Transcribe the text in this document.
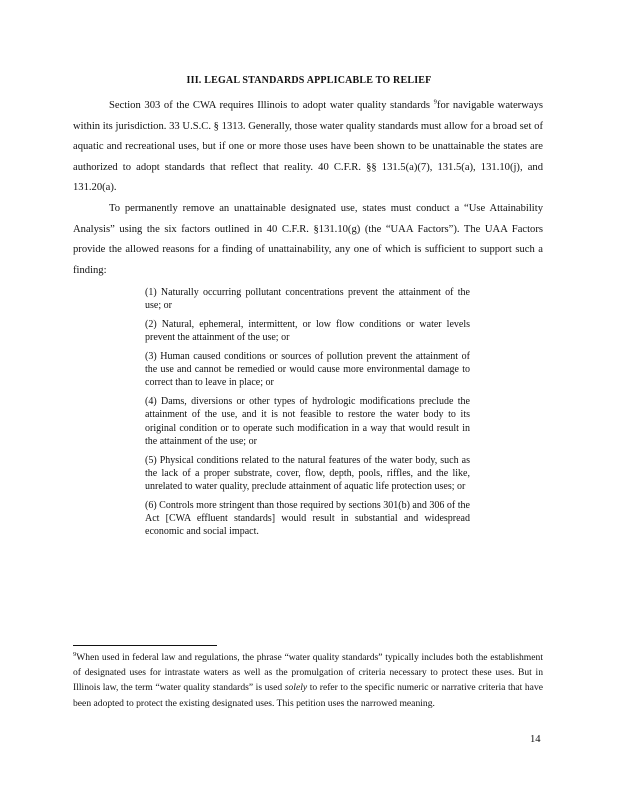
III. LEGAL STANDARDS APPLICABLE TO RELIEF
Section 303 of the CWA requires Illinois to adopt water quality standards $^9$for navigable waterways within its jurisdiction. 33 U.S.C. § 1313. Generally, those water quality standards must allow for a broad set of aquatic and recreational uses, but if one or more those uses have been shown to be unattainable the states are authorized to adopt standards that reflect that reality. 40 C.F.R. §§ 131.5(a)(7), 131.5(a), 131.10(j), and 131.20(a).
To permanently remove an unattainable designated use, states must conduct a “Use Attainability Analysis” using the six factors outlined in 40 C.F.R. §131.10(g) (the “UAA Factors”). The UAA Factors provide the allowed reasons for a finding of unattainability, any one of which is sufficient to support such a finding:
(1) Naturally occurring pollutant concentrations prevent the attainment of the use; or
(2) Natural, ephemeral, intermittent, or low flow conditions or water levels prevent the attainment of the use; or
(3) Human caused conditions or sources of pollution prevent the attainment of the use and cannot be remedied or would cause more environmental damage to correct than to leave in place; or
(4) Dams, diversions or other types of hydrologic modifications preclude the attainment of the use, and it is not feasible to restore the water body to its original condition or to operate such modification in a way that would result in the attainment of the use; or
(5) Physical conditions related to the natural features of the water body, such as the lack of a proper substrate, cover, flow, depth, pools, riffles, and the like, unrelated to water quality, preclude attainment of aquatic life protection uses; or
(6) Controls more stringent than those required by sections 301(b) and 306 of the Act [CWA effluent standards] would result in substantial and widespread economic and social impact.
$^9$When used in federal law and regulations, the phrase “water quality standards” typically includes both the establishment of designated uses for intrastate waters as well as the promulgation of criteria necessary to protect these uses. But in Illinois law, the term “water quality standards” is used solely to refer to the specific numeric or narrative criteria that have been adopted to protect the existing designated uses. This petition uses the narrowed meaning.
14
